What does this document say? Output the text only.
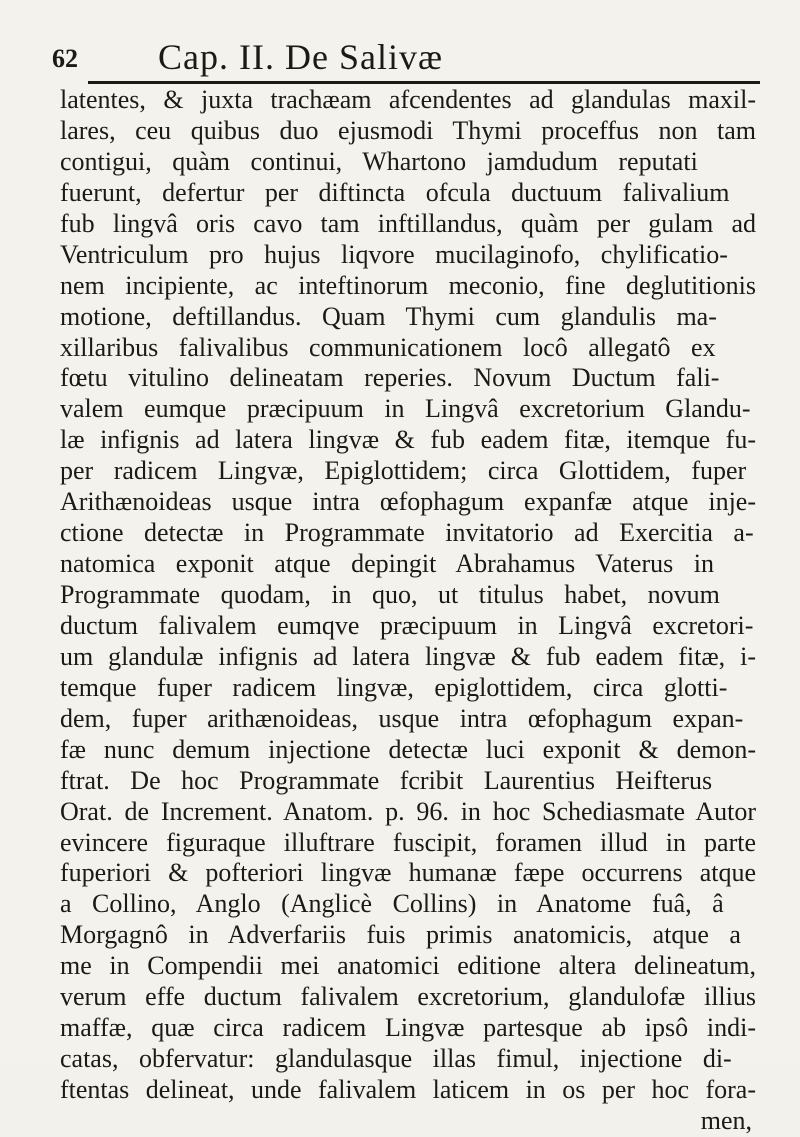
62 Cap. II. De Salivæ
latentes, & juxta trachæam afcendentes ad glandulas maxil-
lares, ceu quibus duo ejusmodi Thymi proceffus non tam
contigui, quàm continui, Whartono jamdudum reputati
fuerunt, defertur per diftincta ofcula ductuum falivalium
fub lingvâ oris cavo tam inftillandus, quàm per gulam ad
Ventriculum pro hujus liqvore mucilaginofo, chylificatio-
nem incipiente, ac inteftinorum meconio, fine deglutitionis
motione, deftillandus. Quam Thymi cum glandulis ma-
xillaribus falivalibus communicationem locô allegatô ex
fœtu vitulino delineatam reperies. Novum Ductum fali-
valem eumque præcipuum in Lingvâ excretorium Glandu-
læ infignis ad latera lingvæ & fub eadem fitæ, itemque fu-
per radicem Lingvæ, Epiglottidem; circa Glottidem, fuper
Arithænoideas usque intra œfophagum expanfæ atque inje-
ctione detectæ in Programmate invitatorio ad Exercitia a-
natomica exponit atque depingit Abrahamus Vaterus in
Programmate quodam, in quo, ut titulus habet, novum
ductum falivalem eumqve præcipuum in Lingvâ excretori-
um glandulæ infignis ad latera lingvæ & fub eadem fitæ, i-
temque fuper radicem lingvæ, epiglottidem, circa glotti-
dem, fuper arithænoideas, usque intra œfophagum expan-
fæ nunc demum injectione detectæ luci exponit & demon-
ftrat. De hoc Programmate fcribit Laurentius Heifterus
Orat. de Increment. Anatom. p. 96. in hoc Schediasmate Autor
evincere figuraque illuftrare fuscipit, foramen illud in parte
fuperiori & pofteriori lingvæ humanæ fæpe occurrens atque
a Collino, Anglo (Anglicè Collins) in Anatome fuâ, â
Morgagnô in Adverfariis fuis primis anatomicis, atque a
me in Compendii mei anatomici editione altera delineatum,
verum effe ductum falivalem excretorium, glandulofæ illius
maffæ, quæ circa radicem Lingvæ partesque ab ipsô indi-
catas, obfervatur: glandulasque illas fimul, injectione di-
ftentas delineat, unde falivalem laticem in os per hoc fora-
men,
